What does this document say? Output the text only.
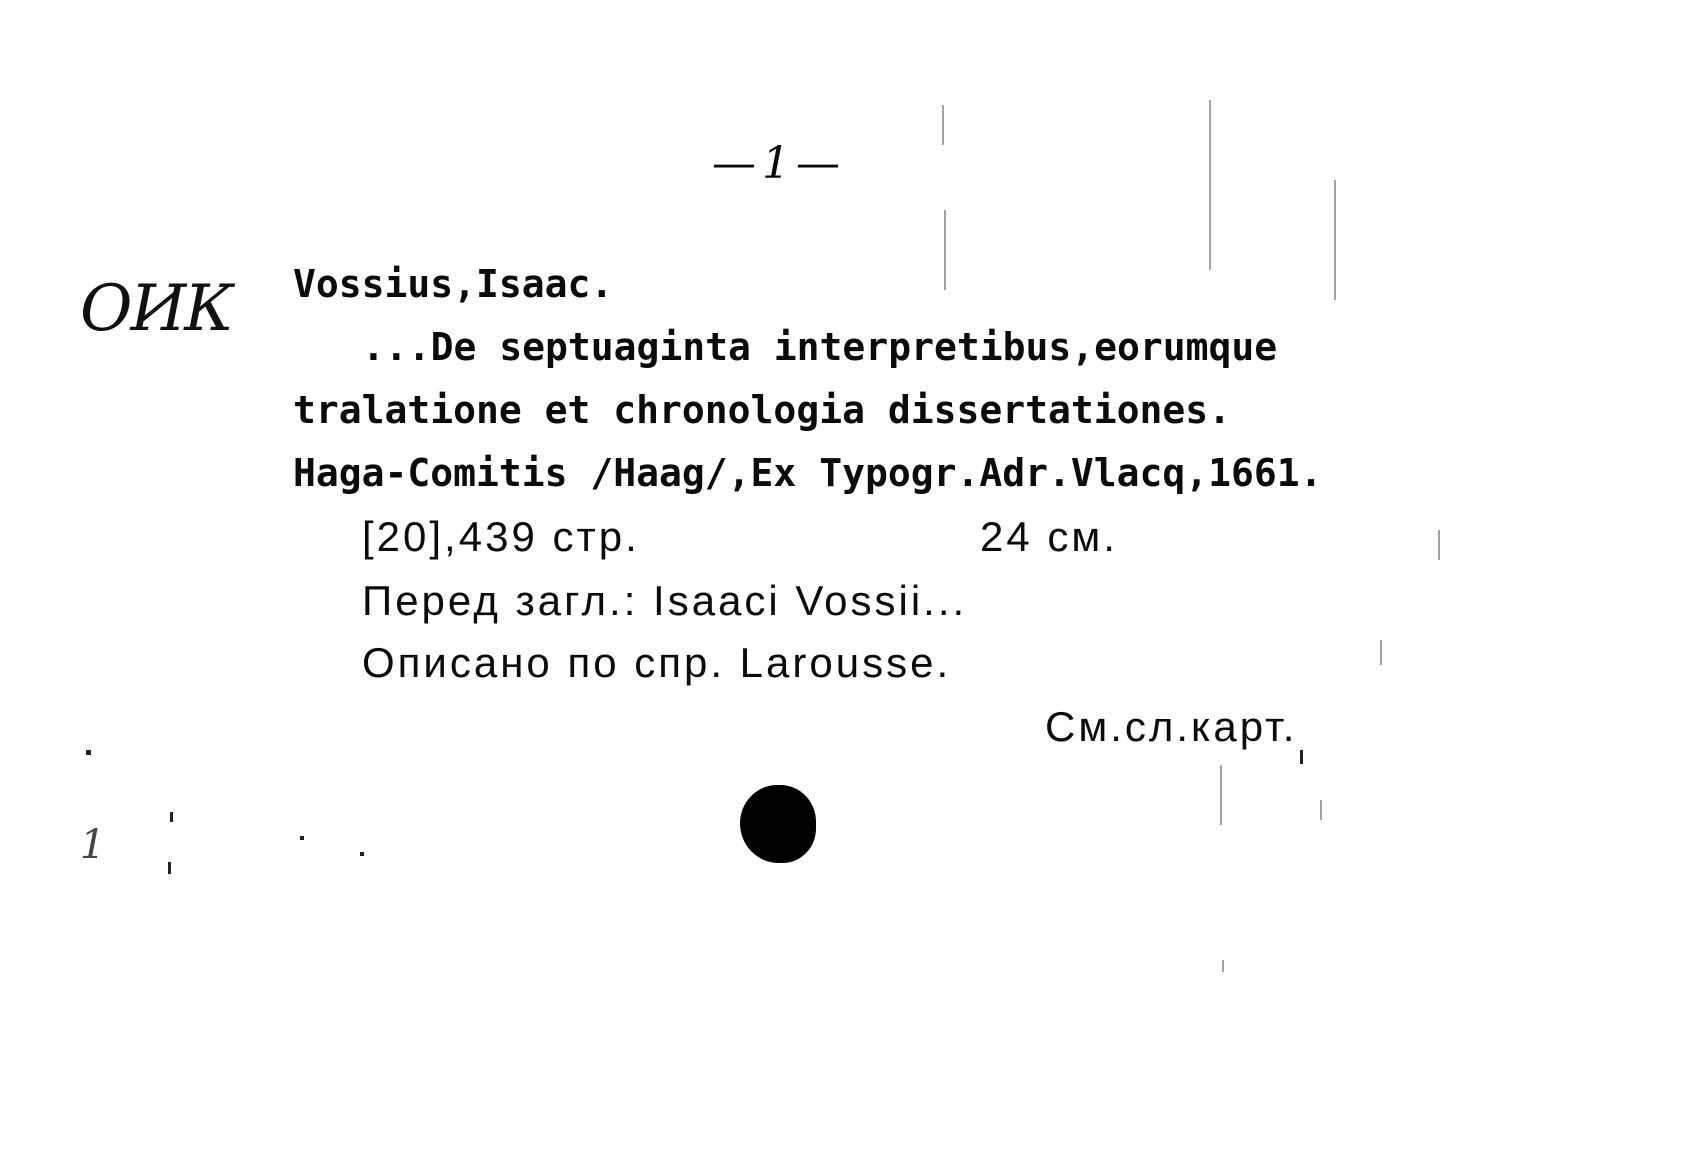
—1—
ОИК Vossius,Isaac.
...De septuaginta interpretibus,eorumque
tralatione et chronologia dissertationes.
Haga-Comitis /Haag/,Ex Typogr.Adr.Vlacq,1661.
[20],439 стр.	24 см.
Перед загл.: Isaaci Vossii...
Описано по спр. Larousse.
См.сл.карт.
1
